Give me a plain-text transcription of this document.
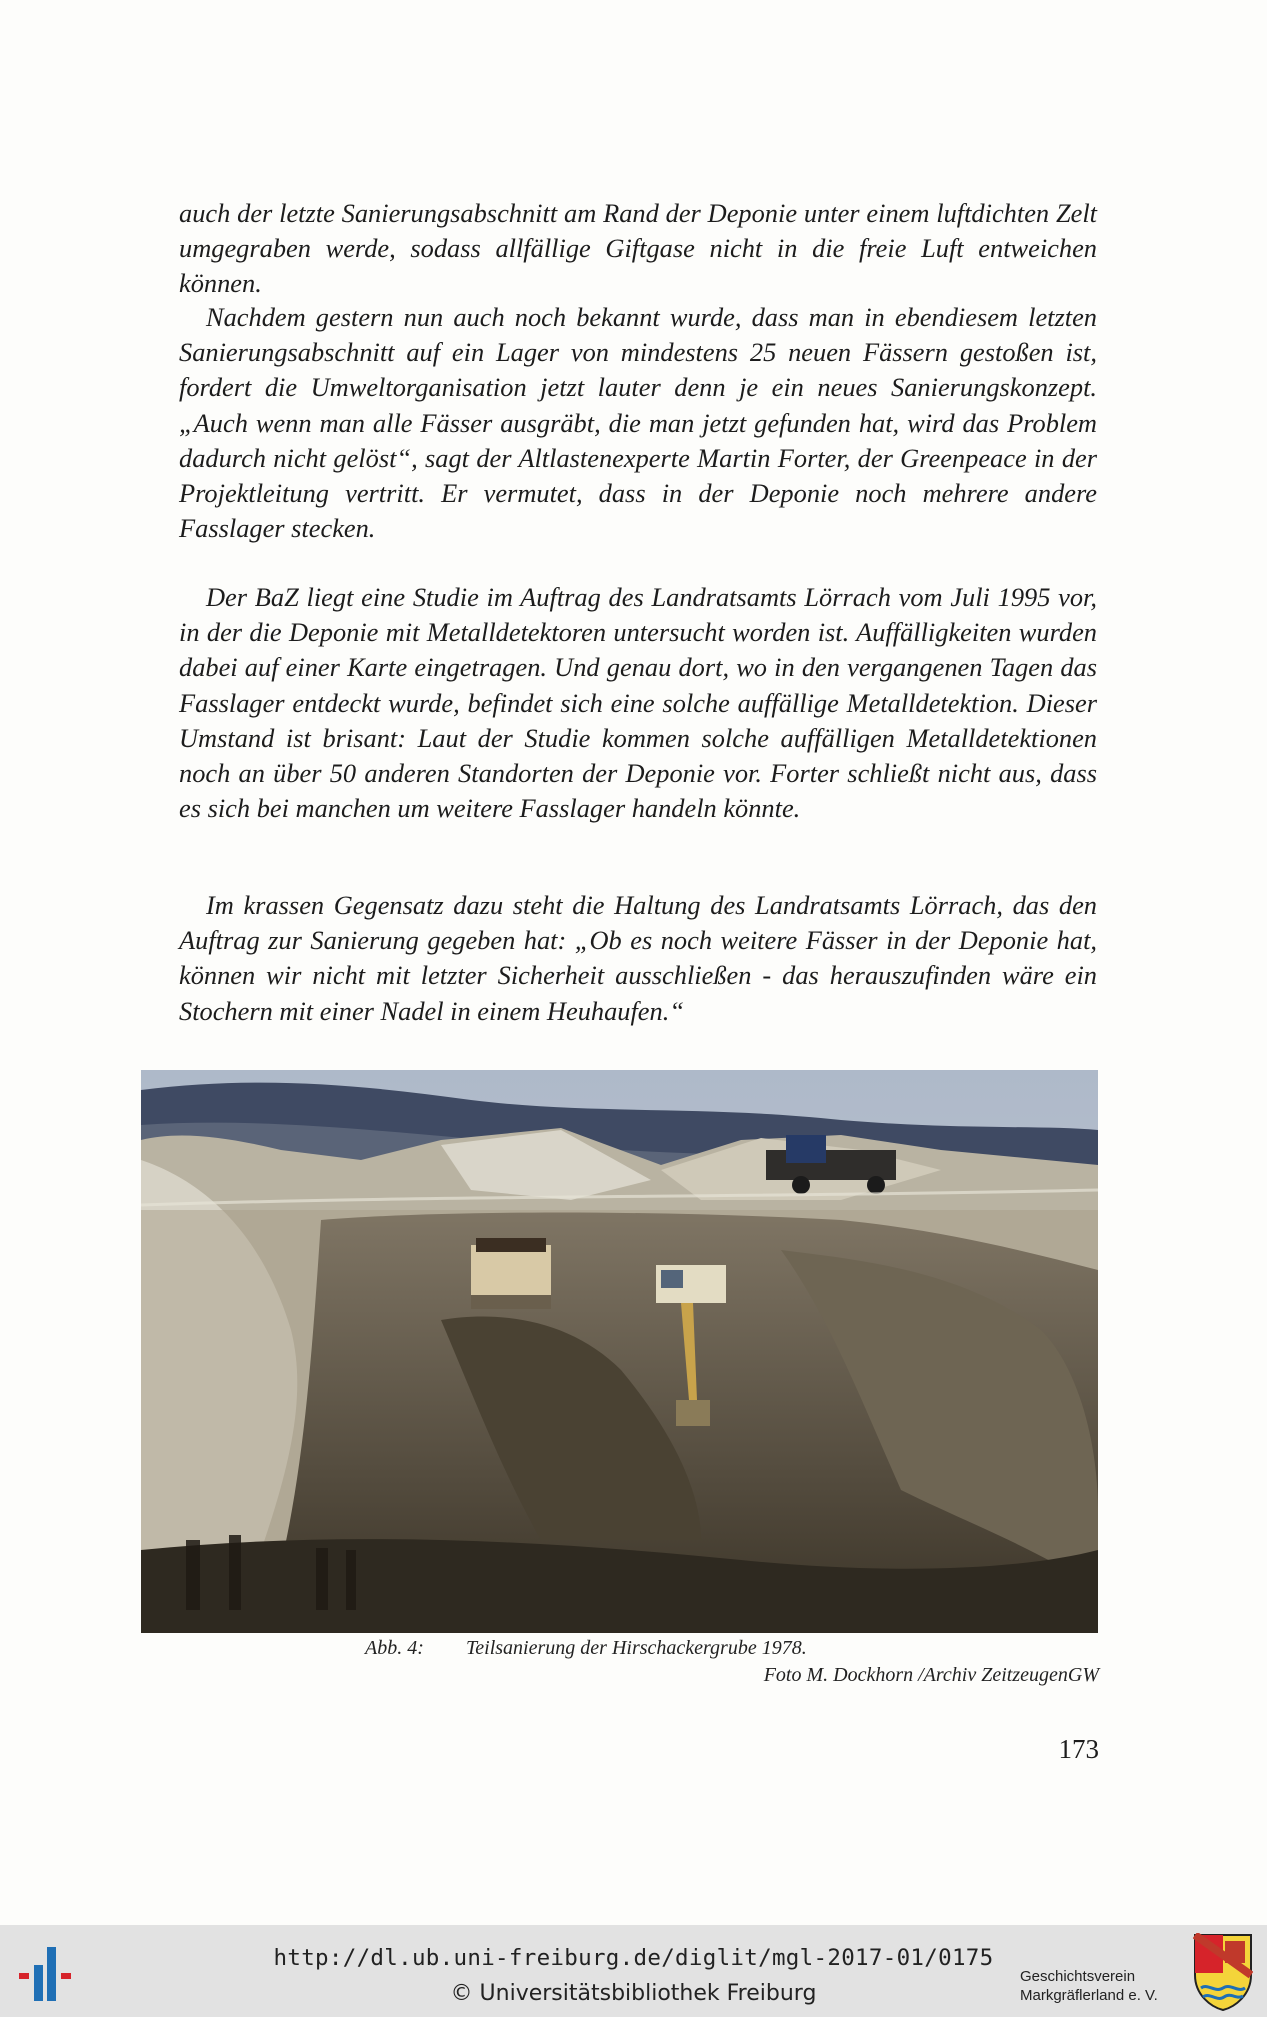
auch der letzte Sanierungsabschnitt am Rand der Deponie unter einem luftdichten Zelt umgegraben werde, sodass allfällige Giftgase nicht in die freie Luft entweichen können.

Nachdem gestern nun auch noch bekannt wurde, dass man in ebendiesem letzten Sanierungsabschnitt auf ein Lager von mindestens 25 neuen Fässern gestoßen ist, fordert die Umweltorganisation jetzt lauter denn je ein neues Sanierungskonzept. „Auch wenn man alle Fässer ausgräbt, die man jetzt gefunden hat, wird das Problem dadurch nicht gelöst“, sagt der Altlastenexperte Martin Forter, der Greenpeace in der Projektleitung vertritt. Er vermutet, dass in der Deponie noch mehrere andere Fasslager stecken.

Der BaZ liegt eine Studie im Auftrag des Landratsamts Lörrach vom Juli 1995 vor, in der die Deponie mit Metalldetektoren untersucht worden ist. Auffälligkeiten wurden dabei auf einer Karte eingetragen. Und genau dort, wo in den vergangenen Tagen das Fasslager entdeckt wurde, befindet sich eine solche auffällige Metalldetektion. Dieser Umstand ist brisant: Laut der Studie kommen solche auffälligen Metalldetektionen noch an über 50 anderen Standorten der Deponie vor. Forter schließt nicht aus, dass es sich bei manchen um weitere Fasslager handeln könnte.

Im krassen Gegensatz dazu steht die Haltung des Landratsamts Lörrach, das den Auftrag zur Sanierung gegeben hat: „Ob es noch weitere Fässer in der Deponie hat, können wir nicht mit letzter Sicherheit ausschließen - das herauszufinden wäre ein Stochern mit einer Nadel in einem Heuhaufen.“

Abb. 4: Teilsanierung der Hirschackergrube 1978.
Foto M. Dockhorn /Archiv ZeitzeugenGW
173
http://dl.ub.uni-freiburg.de/diglit/mgl-2017-01/0175
© Universitätsbibliothek Freiburg
Geschichtsverein
Markgräflerland e. V.
